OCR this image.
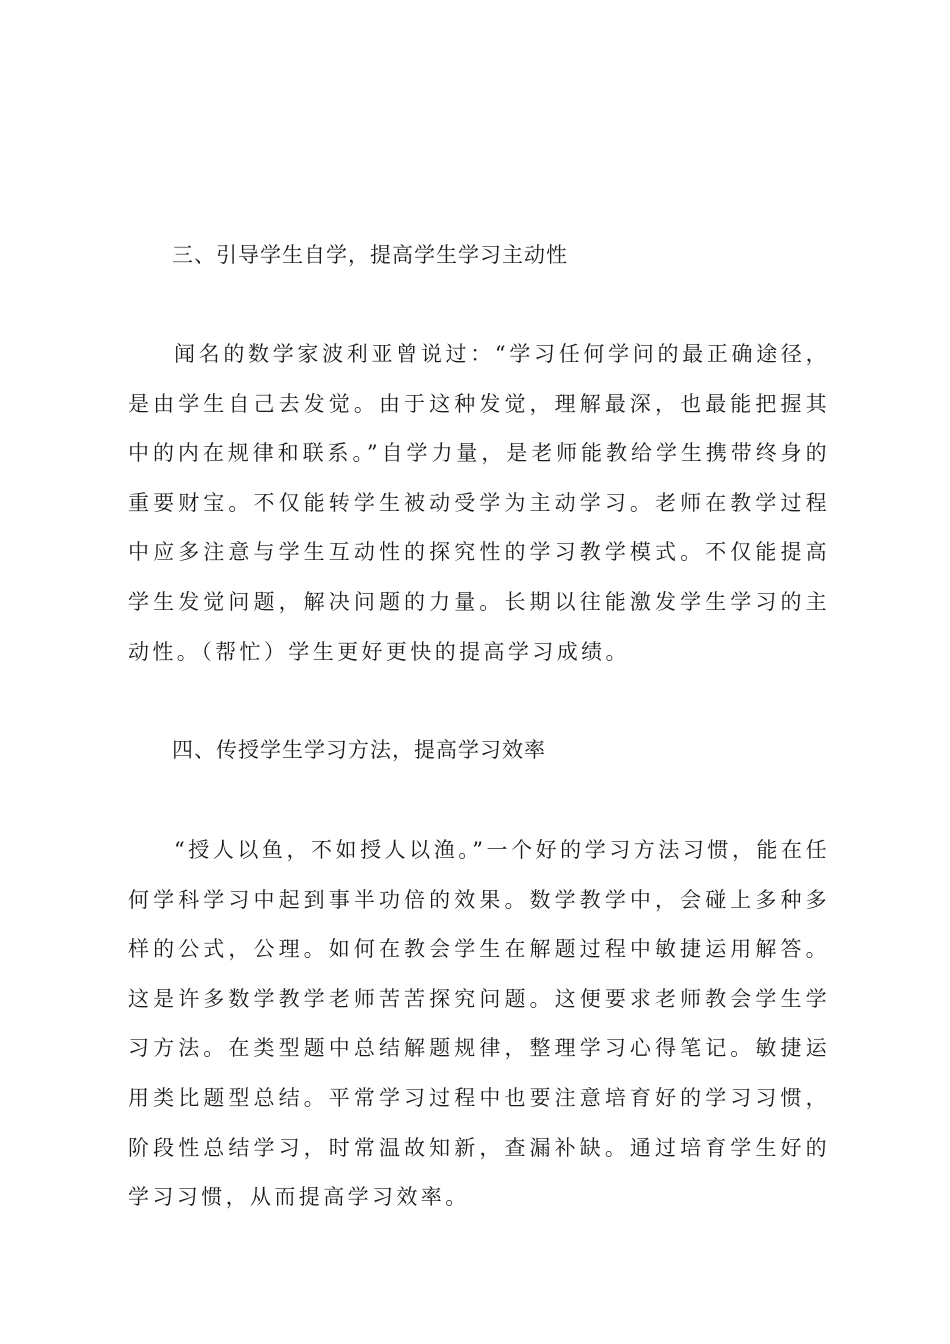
三、引导学生自学，提高学生学习主动性

闻名的数学家波利亚曾说过：“学习任何学问的最正确途径，是由学生自己去发觉。由于这种发觉，理解最深，也最能把握其中的内在规律和联系。”自学力量，是老师能教给学生携带终身的重要财宝。不仅能转学生被动受学为主动学习。老师在教学过程中应多注意与学生互动性的探究性的学习教学模式。不仅能提高学生发觉问题，解决问题的力量。长期以往能激发学生学习的主动性。（帮忙）学生更好更快的提高学习成绩。

四、传授学生学习方法，提高学习效率

“授人以鱼，不如授人以渔。”一个好的学习方法习惯，能在任何学科学习中起到事半功倍的效果。数学教学中，会碰上多种多样的公式，公理。如何在教会学生在解题过程中敏捷运用解答。这是许多数学教学老师苦苦探究问题。这便要求老师教会学生学习方法。在类型题中总结解题规律，整理学习心得笔记。敏捷运用类比题型总结。平常学习过程中也要注意培育好的学习习惯，阶段性总结学习，时常温故知新，查漏补缺。通过培育学生好的学习习惯，从而提高学习效率。
